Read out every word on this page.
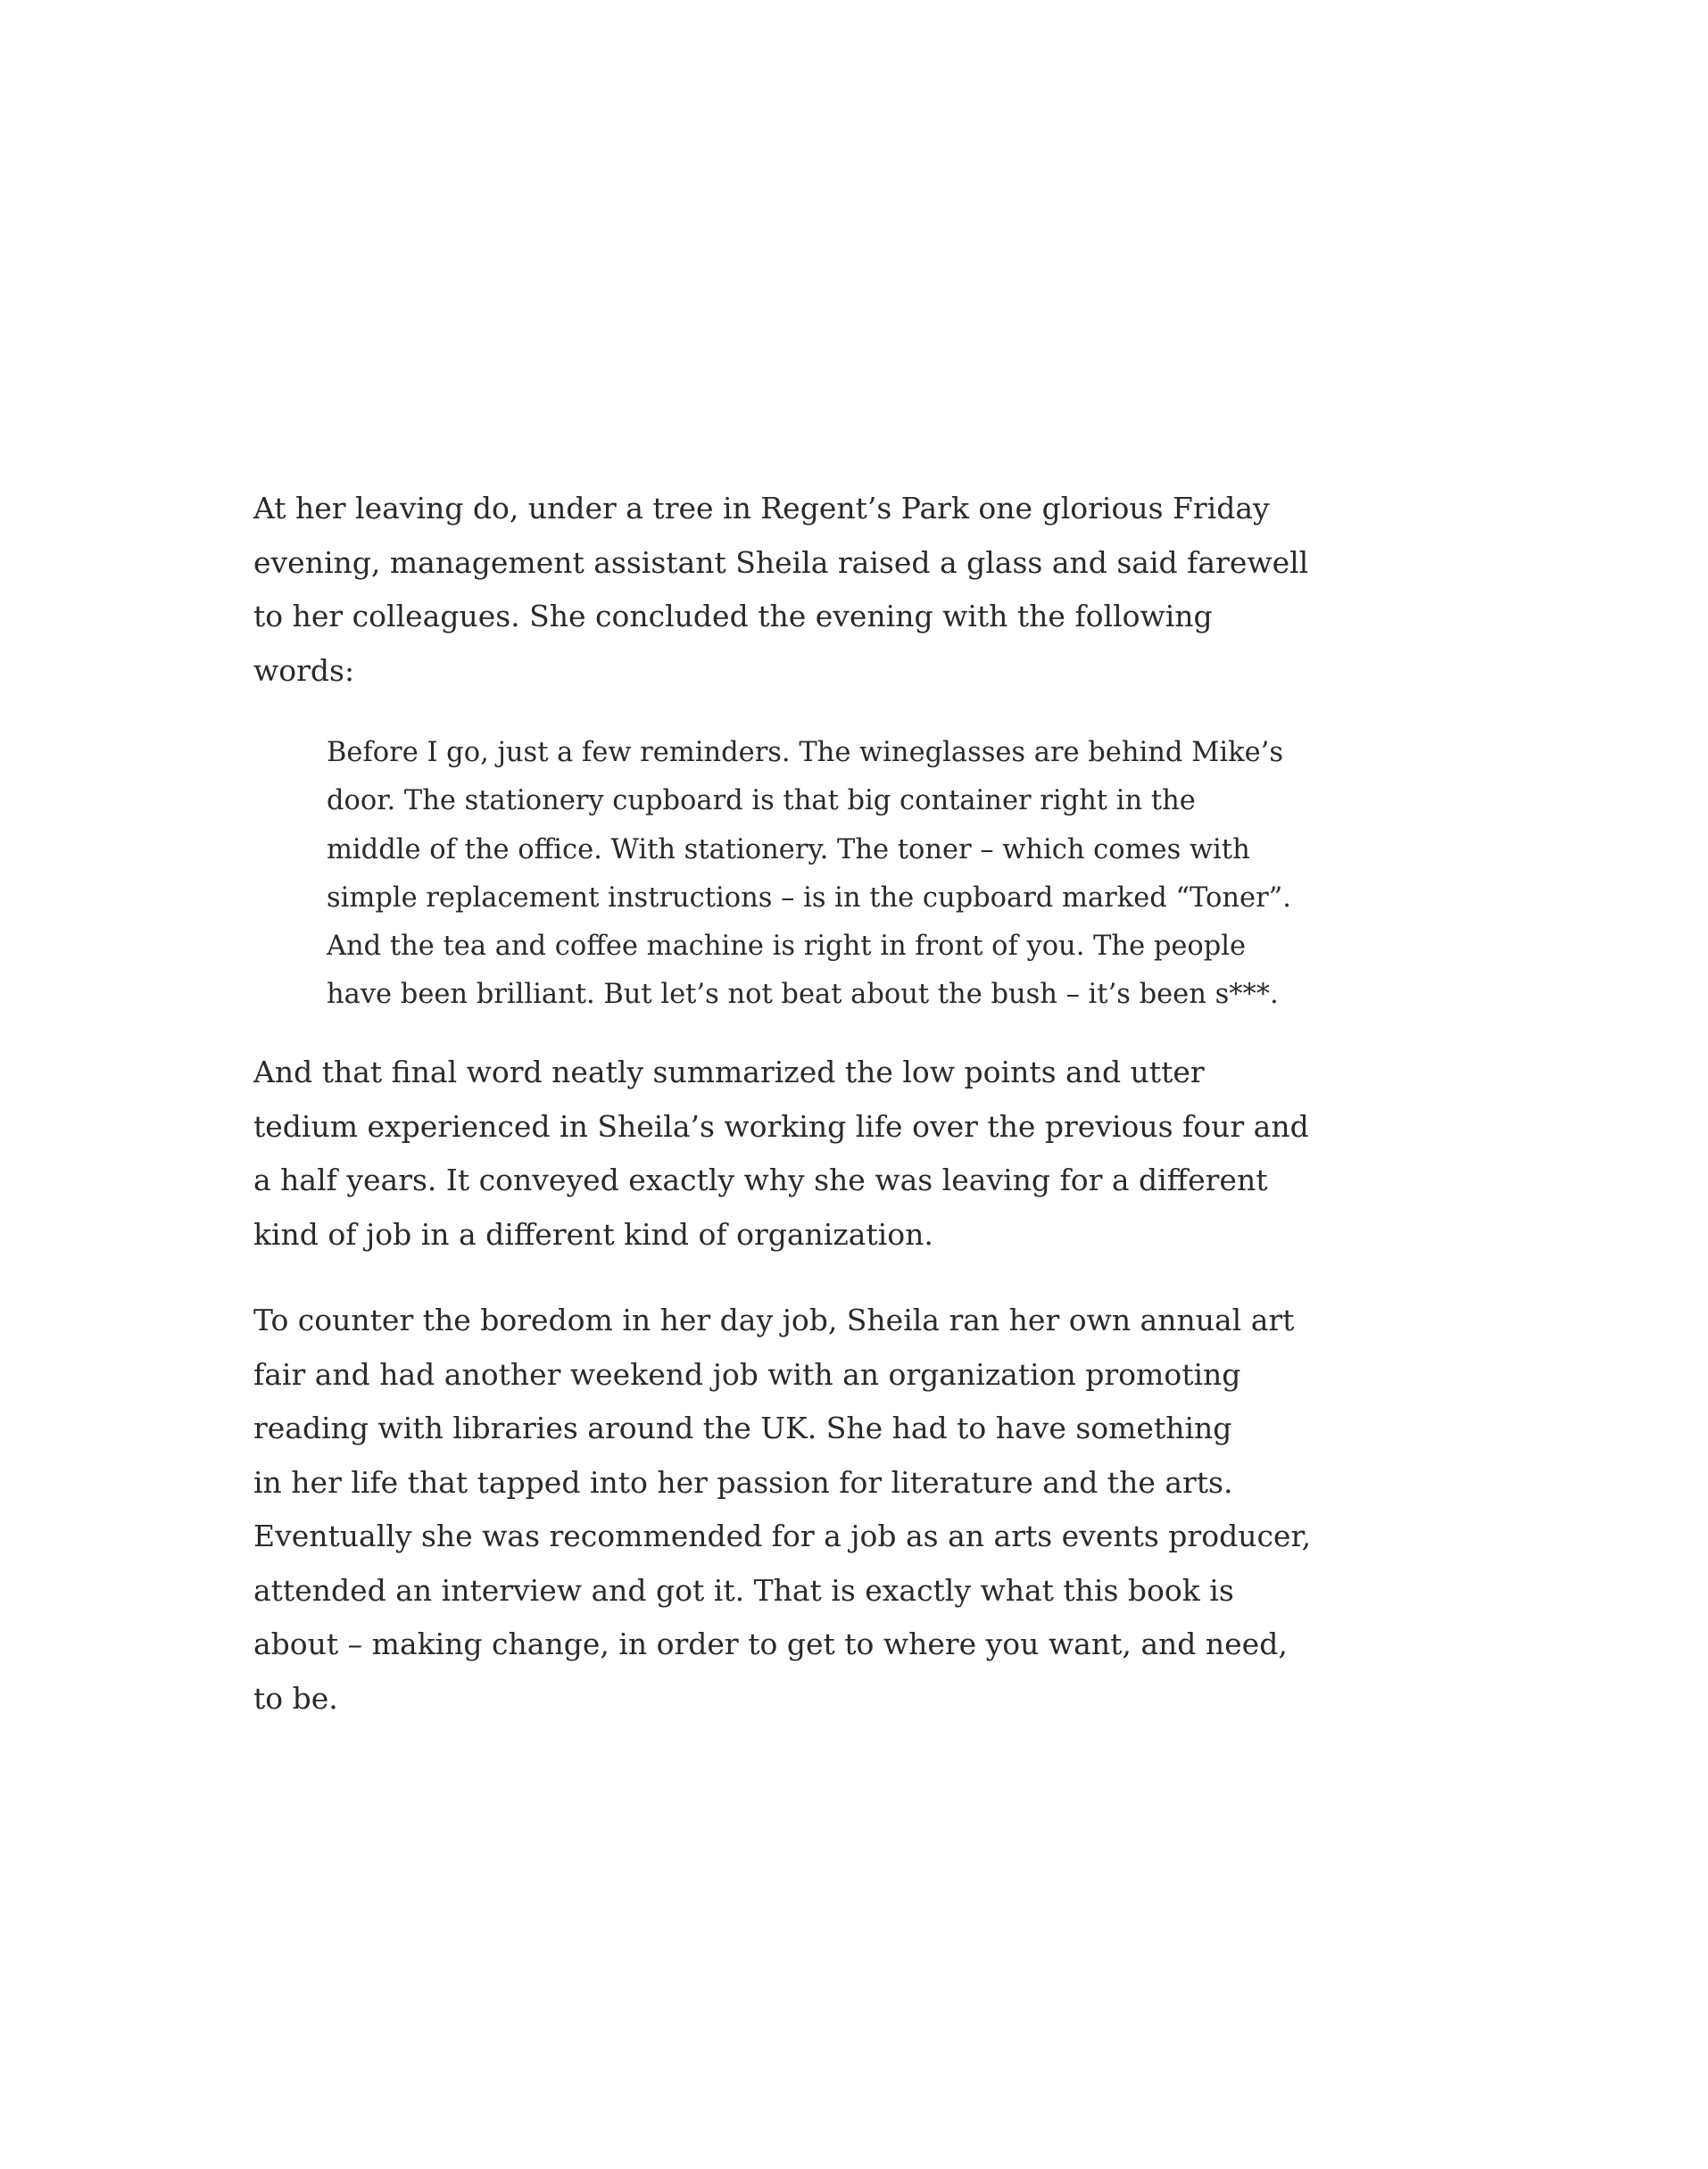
At her leaving do, under a tree in Regent’s Park one glorious Friday
evening, management assistant Sheila raised a glass and said farewell
to her colleagues. She concluded the evening with the following
words:
Before I go, just a few reminders. The wineglasses are behind Mike’s
door. The stationery cupboard is that big container right in the
middle of the office. With stationery. The toner – which comes with
simple replacement instructions – is in the cupboard marked “Toner”.
And the tea and coffee machine is right in front of you. The people
have been brilliant. But let’s not beat about the bush – it’s been s***.
And that final word neatly summarized the low points and utter
tedium experienced in Sheila’s working life over the previous four and
a half years. It conveyed exactly why she was leaving for a different
kind of job in a different kind of organization.
To counter the boredom in her day job, Sheila ran her own annual art
fair and had another weekend job with an organization promoting
reading with libraries around the UK. She had to have something
in her life that tapped into her passion for literature and the arts.
Eventually she was recommended for a job as an arts events producer,
attended an interview and got it. That is exactly what this book is
about – making change, in order to get to where you want, and need,
to be.
